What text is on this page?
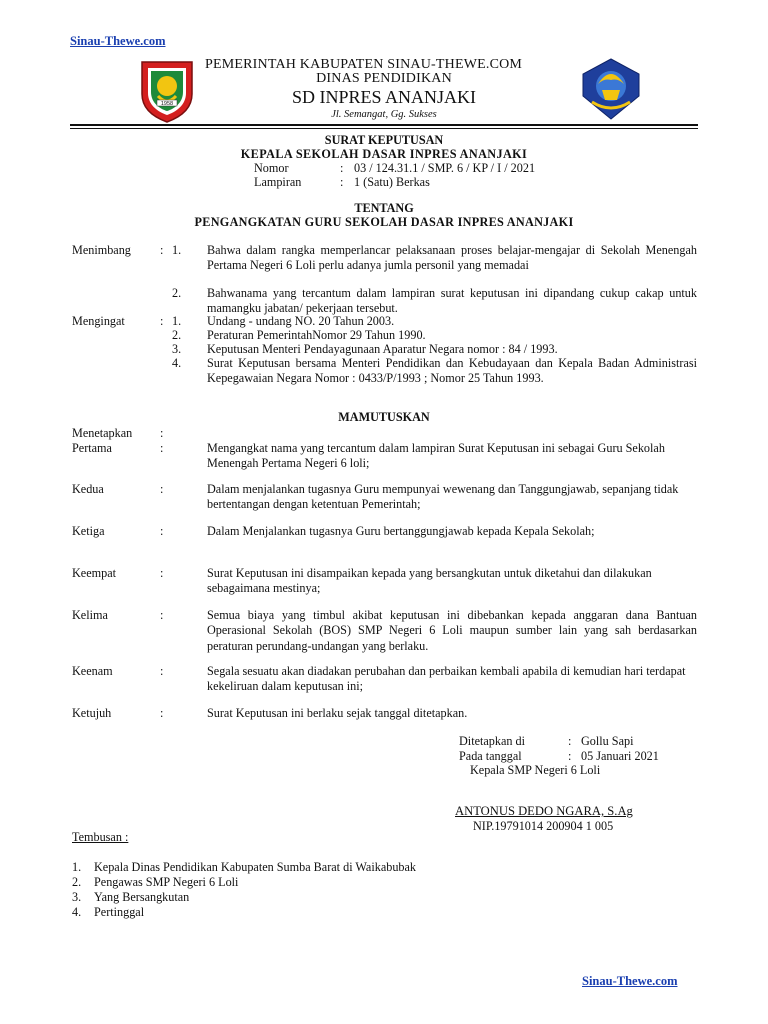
Sinau-Thewe.com
1958
PEMERINTAH KABUPATEN SINAU-THEWE.COM
DINAS PENDIDIKAN
SD INPRES ANANJAKI
Jl. Semangat, Gg. Sukses
SURAT KEPUTUSAN
KEPALA SEKOLAH DASAR INPRES ANANJAKI
Nomor	: 03 / 124.31.1 / SMP. 6 / KP / I / 2021
Lampiran	: 1 (Satu) Berkas
TENTANG
PENGANGKATAN GURU SEKOLAH DASAR INPRES ANANJAKI
Menimbang : 1. Bahwa dalam rangka memperlancar pelaksanaan proses belajar-mengajar di Sekolah Menengah Pertama Negeri 6 Loli perlu adanya jumla personil yang memadai
2. Bahwanama yang tercantum dalam lampiran surat keputusan ini dipandang cukup cakap untuk mamangku jabatan/ pekerjaan tersebut.
Mengingat	: 1. Undang - undang NO. 20 Tahun 2003.
2. Peraturan PemerintahNomor 29 Tahun 1990.
3. Keputusan Menteri Pendayagunaan Aparatur Negara nomor : 84 / 1993.
4. Surat Keputusan bersama Menteri Pendidikan dan Kebudayaan dan Kepala Badan Administrasi Kepegawaian Negara Nomor : 0433/P/1993 ; Nomor 25 Tahun 1993.
MAMUTUSKAN
Menetapkan :
Pertama	:	Mengangkat nama yang tercantum dalam lampiran Surat Keputusan ini sebagai Guru Sekolah Menengah Pertama Negeri 6 loli;
Kedua	:	Dalam menjalankan tugasnya Guru mempunyai wewenang dan Tanggungjawab, sepanjang tidak bertentangan dengan ketentuan Pemerintah;
Ketiga	:	Dalam Menjalankan tugasnya Guru bertanggungjawab kepada Kepala Sekolah;
Keempat	:	Surat Keputusan ini disampaikan kepada yang bersangkutan untuk diketahui dan dilakukan sebagaimana mestinya;
Kelima	:	Semua biaya yang timbul akibat keputusan ini dibebankan kepada anggaran dana Bantuan Operasional Sekolah (BOS) SMP Negeri 6 Loli maupun sumber lain yang sah berdasarkan peraturan perundang-undangan yang berlaku.
Keenam	:	Segala sesuatu akan diadakan perubahan dan perbaikan kembali apabila di kemudian hari terdapat kekeliruan dalam keputusan ini;
Ketujuh	:	Surat Keputusan ini berlaku sejak tanggal ditetapkan.
Ditetapkan di	: Gollu Sapi
Pada tanggal	: 05 Januari 2021
Kepala SMP Negeri 6 Loli
ANTONUS DEDO NGARA, S.Ag
NIP.19791014 200904 1 005
Tembusan :
1. Kepala Dinas Pendidikan Kabupaten Sumba Barat di Waikabubak
2. Pengawas SMP Negeri 6 Loli
3. Yang Bersangkutan
4. Pertinggal
Sinau-Thewe.com
